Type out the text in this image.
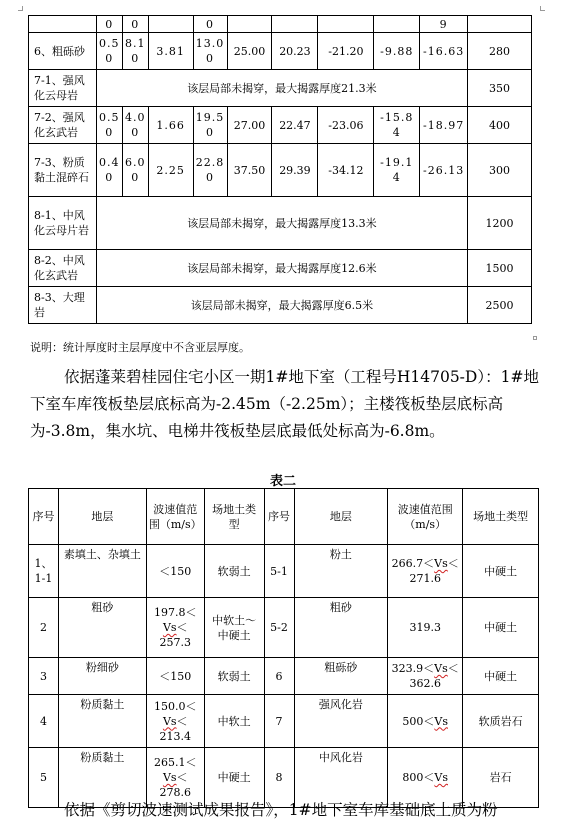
	0	0		0					9	
6、粗砾砂	0.50	8.10	3.81	13.00	25.00	20.23	-21.20	-9.88	-16.63	280
7-1、强风化云母岩	该层局部未揭穿，最大揭露厚度21.3米									350
7-2、强风化玄武岩	0.50	4.00	1.66	19.50	27.00	22.47	-23.06	-15.84	-18.97	400
7-3、粉质黏土混碎石	0.40	6.00	2.25	22.80	37.50	29.39	-34.12	-19.14	-26.13	300
8-1、中风化云母片岩	该层局部未揭穿，最大揭露厚度13.3米									1200
8-2、中风化玄武岩	该层局部未揭穿，最大揭露厚度12.6米									1500
8-3、大理岩	该层局部未揭穿，最大揭露厚度6.5米									2500
说明：统计厚度时主层厚度中不含亚层厚度。
依据蓬莱碧桂园住宅小区一期1#地下室（工程号H14705-D）：1#地下室车库筏板垫层底标高为-2.45m（-2.25m）；主楼筏板垫层底标高为-3.8m，集水坑、电梯井筏板垫层底最低处标高为-6.8m。
表二
序号	地层	波速值范围（m/s）	场地土类型	序号	地层	波速值范围（m/s）	场地土类型
1、1-1	素填土、杂填土	＜150	软弱土	5-1	粉土	266.7＜Vs＜271.6	中硬土
2	粗砂	197.8＜Vs＜257.3	中软土～中硬土	5-2	粗砂	319.3	中硬土
3	粉细砂	＜150	软弱土	6	粗砾砂	323.9＜Vs＜362.6	中硬土
4	粉质黏土	150.0＜Vs＜213.4	中软土	7	强风化岩	500＜Vs	软质岩石
5	粉质黏土	265.1＜Vs＜278.6	中硬土	8	中风化岩	800＜Vs	岩石
依据《剪切波速测试成果报告》，1#地下室车库基础底土质为粉
